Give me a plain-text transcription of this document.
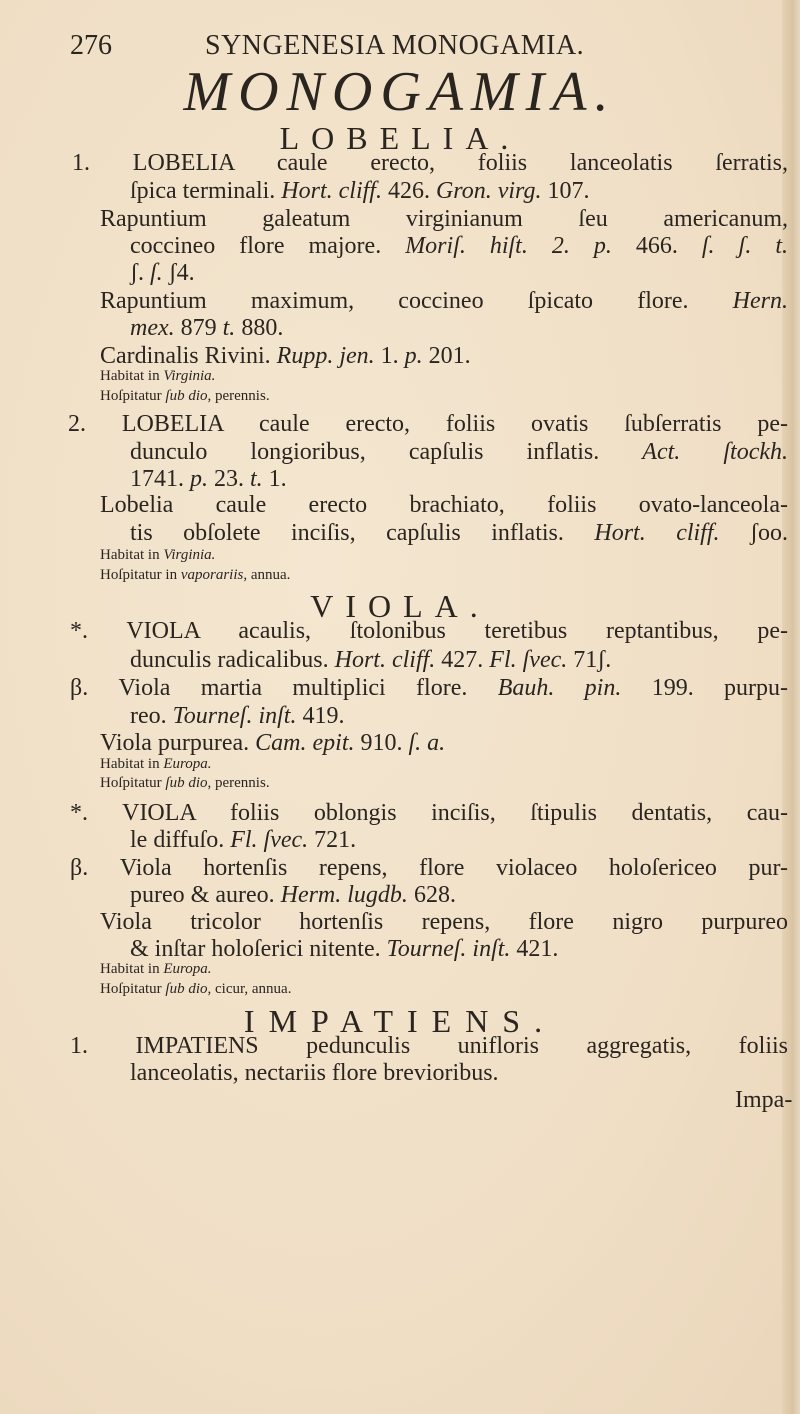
276	SYNGENESIA MONOGAMIA.
MONOGAMIA.
LOBELIA.
VIOLA.
IMPATIENS.
1. LOBELIA caule erecto, foliis lanceolatis ſerratis,
ſpica terminali. Hort. cliff. 426. Gron. virg. 107.
Rapuntium galeatum virginianum ſeu americanum,
coccineo flore majore. Moriſ. hiſt. 2. p. 466. ſ. ʃ. t.
ʃ. ſ. ʃ4.
Rapuntium maximum, coccineo ſpicato flore. Hern.
mex. 879 t. 880.
Cardinalis Rivini. Rupp. jen. 1. p. 201.
Habitat in Virginia.
Hoſpitatur ſub dio, perennis.
2. LOBELIA caule erecto, foliis ovatis ſubſerratis pe-
dunculo longioribus, capſulis inflatis. Act. ſtockh.
1741. p. 23. t. 1.
Lobelia caule erecto brachiato, foliis ovato-lanceola-
tis obſolete inciſis, capſulis inflatis. Hort. cliff. ʃoo.
Habitat in Virginia.
Hoſpitatur in vaporariis, annua.
*. VIOLA acaulis, ſtolonibus teretibus reptantibus, pe-
dunculis radicalibus. Hort. cliff. 427. Fl. ſvec. 71ʃ.
β. Viola martia multiplici flore. Bauh. pin. 199. purpu-
reo. Tourneſ. inſt. 419.
Viola purpurea. Cam. epit. 910. ſ. a.
Habitat in Europa.
Hoſpitatur ſub dio, perennis.
*. VIOLA foliis oblongis inciſis, ſtipulis dentatis, cau-
le diffuſo. Fl. ſvec. 721.
β. Viola hortenſis repens, flore violaceo holoſericeo pur-
pureo & aureo. Herm. lugdb. 628.
Viola tricolor hortenſis repens, flore nigro purpureo
& inſtar holoſerici nitente. Tourneſ. inſt. 421.
Habitat in Europa.
Hoſpitatur ſub dio, cicur, annua.
1. IMPATIENS pedunculis unifloris aggregatis, foliis
lanceolatis, nectariis flore brevioribus.
Impa-
